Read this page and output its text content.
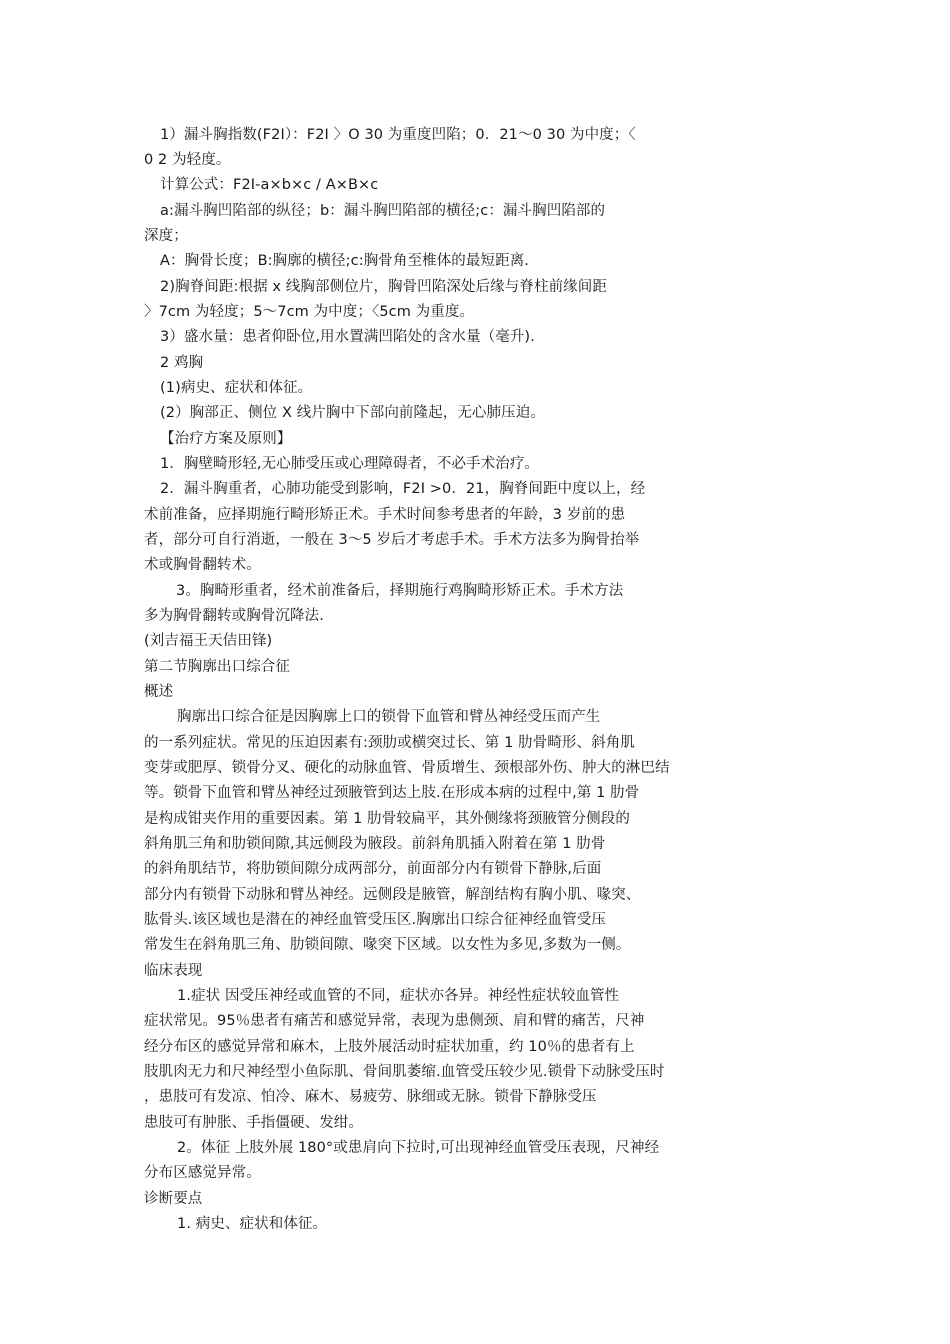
1）漏斗胸指数(F2I）：F2I 〉O 30 为重度凹陷；0．21～0 30 为中度；〈
0 2 为轻度。
计算公式：F2I-a×b×c / A×B×c
a:漏斗胸凹陷部的纵径；b：漏斗胸凹陷部的横径;c：漏斗胸凹陷部的
深度；
A：胸骨长度；B:胸廓的横径;c:胸骨角至椎体的最短距离.
2)胸脊间距:根据 x 线胸部侧位片，胸骨凹陷深处后缘与脊柱前缘间距
〉7cm 为轻度；5～7cm 为中度；〈5cm 为重度。
3）盛水量：患者仰卧位,用水置满凹陷处的含水量（毫升).
2 鸡胸
(1)病史、症状和体征。
(2）胸部正、侧位 X 线片胸中下部向前隆起，无心肺压迫。
【治疗方案及原则】
1．胸壁畸形轻,无心肺受压或心理障碍者，不必手术治疗。
2．漏斗胸重者，心肺功能受到影响，F2I >0．21，胸脊间距中度以上，经
术前准备，应择期施行畸形矫正术。手术时间参考患者的年龄，3 岁前的患
者，部分可自行消逝，一般在 3～5 岁后才考虑手术。手术方法多为胸骨抬举
术或胸骨翻转术。
3。胸畸形重者，经术前准备后，择期施行鸡胸畸形矫正术。手术方法
多为胸骨翻转或胸骨沉降法.
(刘吉福王天佶田锋)
第二节胸廓出口综合征
概述
胸廓出口综合征是因胸廓上口的锁骨下血管和臂丛神经受压而产生
的一系列症状。常见的压迫因素有:颈肋或横突过长、第 1 肋骨畸形、斜角肌
变芽或肥厚、锁骨分叉、硬化的动脉血管、骨质增生、颈根部外伤、肿大的淋巴结
等。锁骨下血管和臂丛神经过颈腋管到达上肢.在形成本病的过程中,第 1 肋骨
是构成钳夹作用的重要因素。第 1 肋骨较扁平，其外侧缘将颈腋管分侧段的
斜角肌三角和肋锁间隙,其远侧段为腋段。前斜角肌插入附着在第 1 肋骨
的斜角肌结节，将肋锁间隙分成两部分，前面部分内有锁骨下静脉,后面
部分内有锁骨下动脉和臂丛神经。远侧段是腋管，解剖结构有胸小肌、喙突、
肱骨头.该区域也是潜在的神经血管受压区.胸廓出口综合征神经血管受压
常发生在斜角肌三角、肋锁间隙、喙突下区域。以女性为多见,多数为一侧。
临床表现
1.症状 因受压神经或血管的不同，症状亦各异。神经性症状较血管性
症状常见。95％患者有痛苦和感觉异常，表现为患侧颈、肩和臂的痛苦，尺神
经分布区的感觉异常和麻木，上肢外展活动时症状加重，约 10％的患者有上
肢肌肉无力和尺神经型小鱼际肌、骨间肌萎缩.血管受压较少见.锁骨下动脉受压时
，患肢可有发凉、怕冷、麻木、易疲劳、脉细或无脉。锁骨下静脉受压
患肢可有肿胀、手指僵硬、发绀。
2。体征 上肢外展 180°或患肩向下拉时,可出现神经血管受压表现，尺神经
分布区感觉异常。
诊断要点
1. 病史、症状和体征。
